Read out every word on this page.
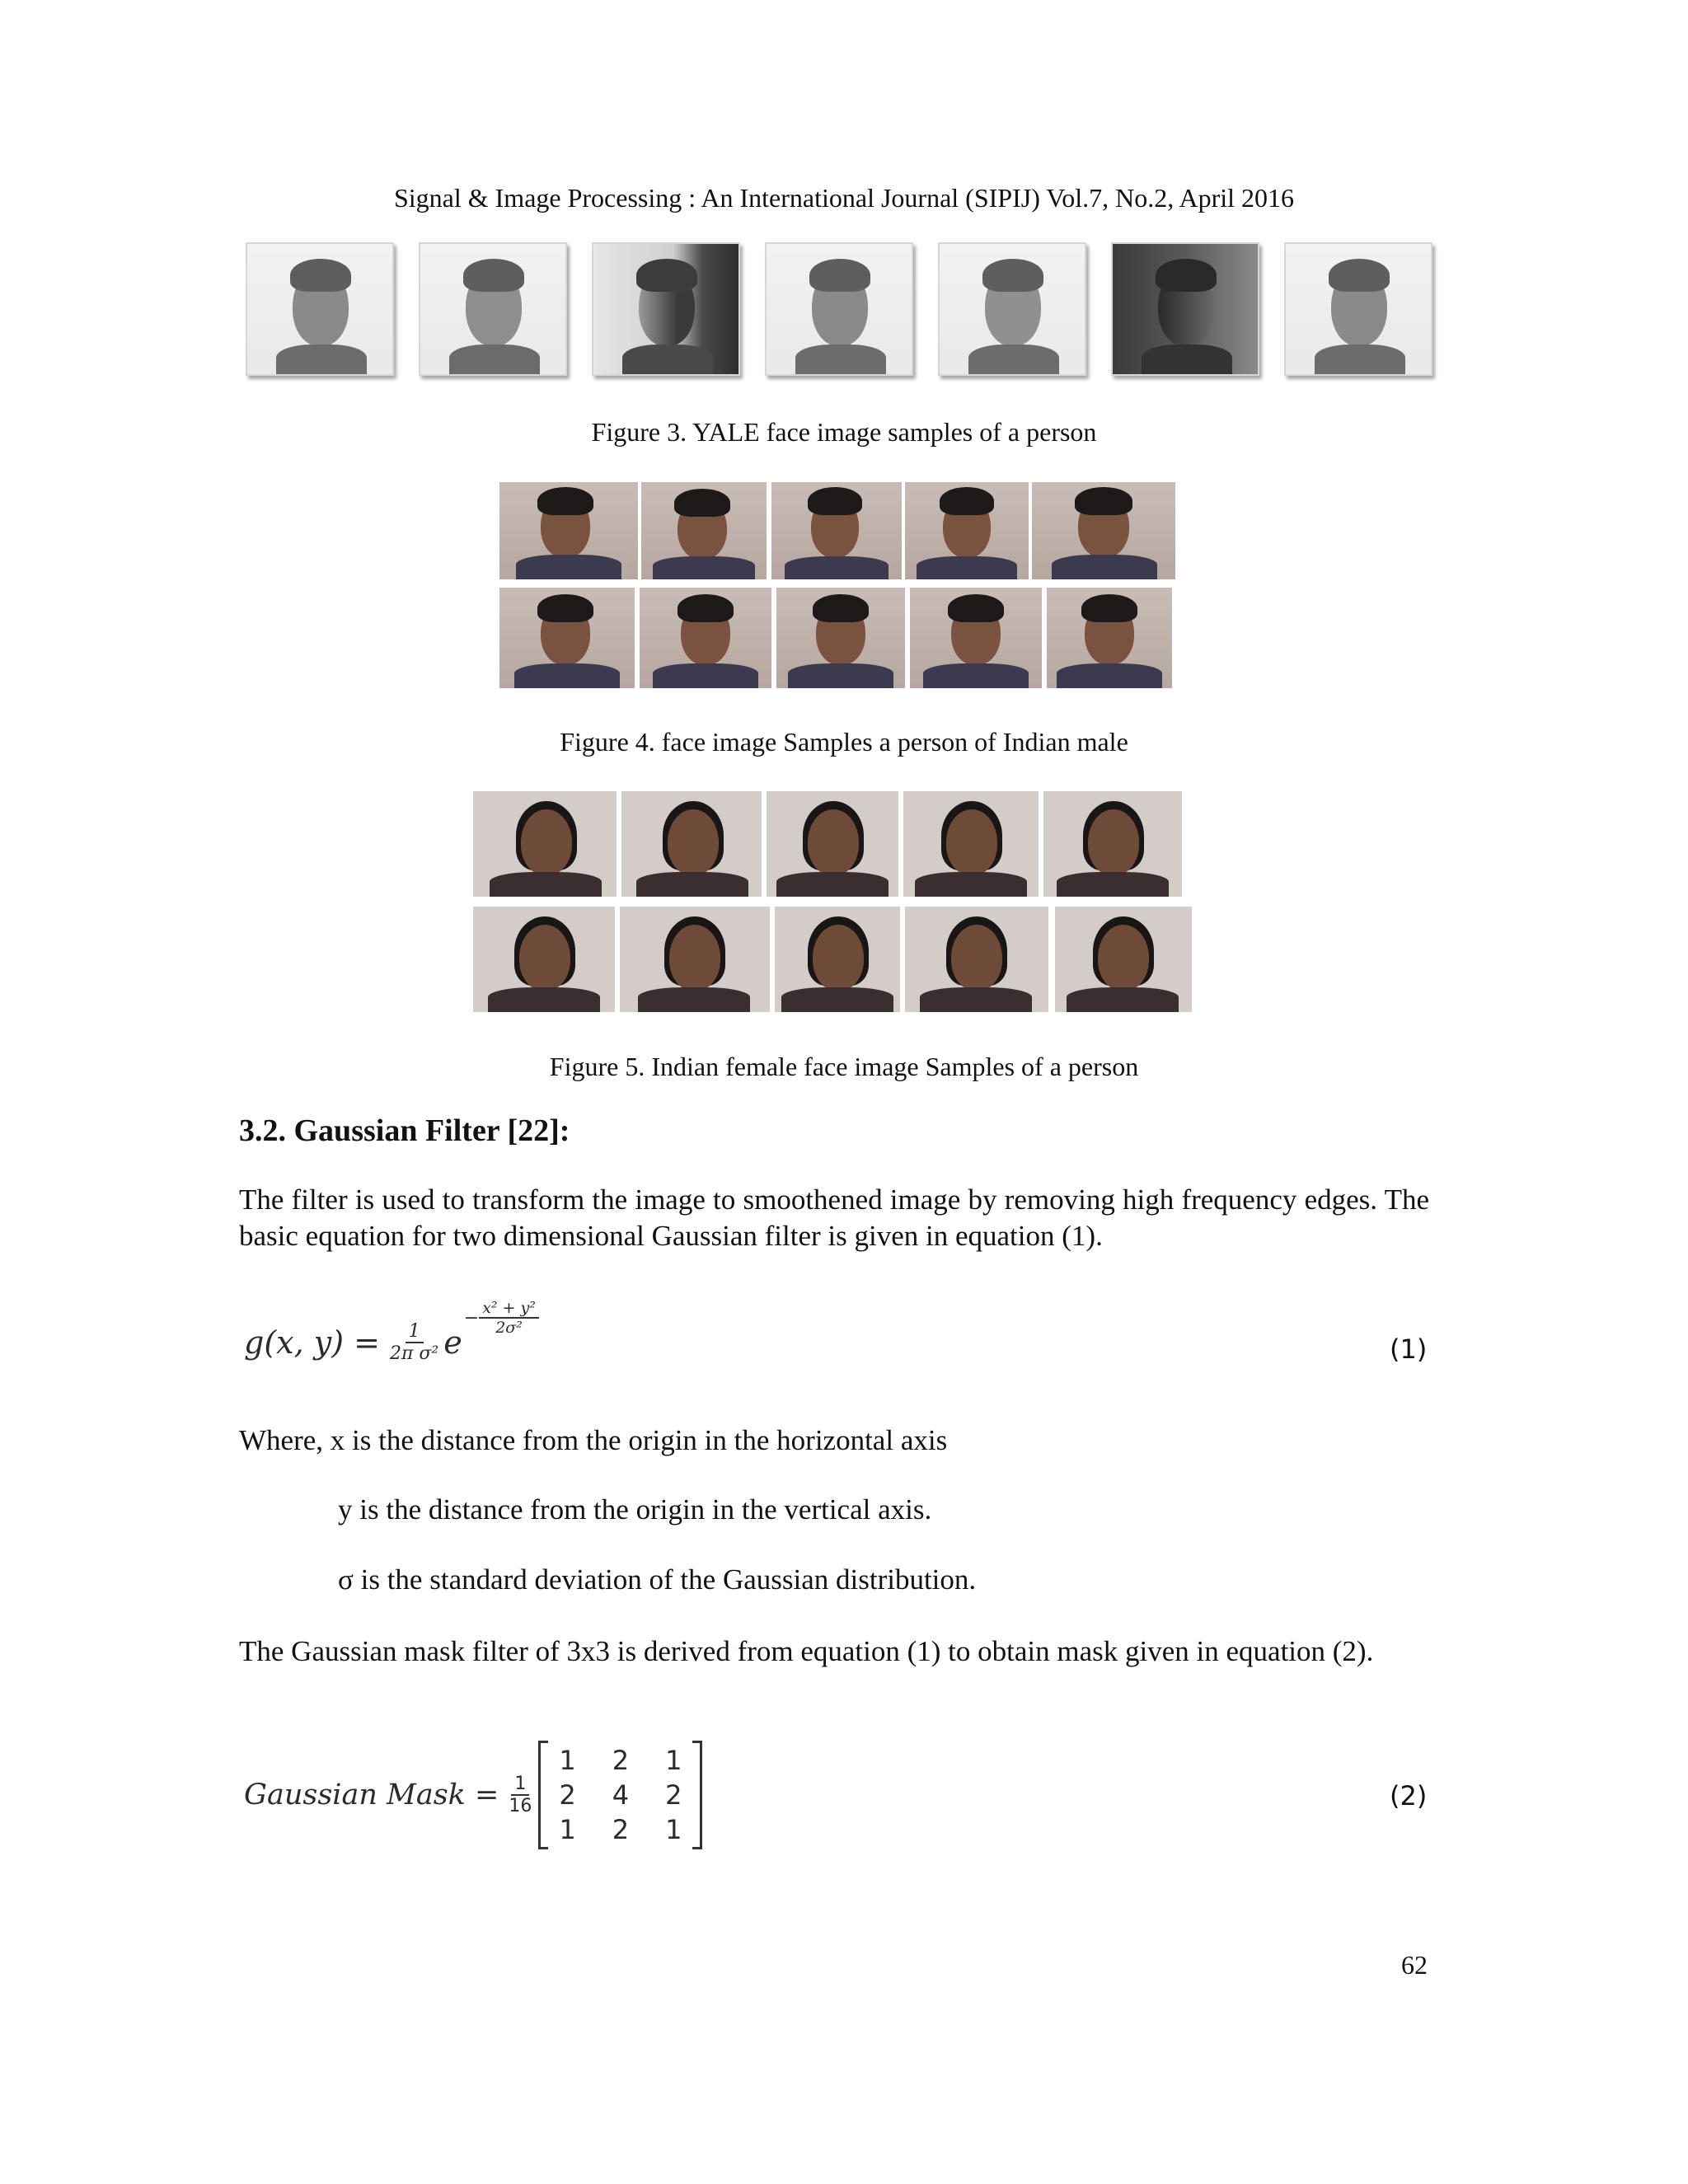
Signal & Image Processing : An International Journal (SIPIJ) Vol.7, No.2, April 2016
Figure 3. YALE face image samples of a person
Figure 4. face image Samples a person of Indian male
Figure 5. Indian female face image Samples of a person
3.2. Gaussian Filter [22]:
The filter is used to transform the image to smoothened image by removing high frequency edges. The basic equation for two dimensional Gaussian filter is given in equation (1).
g(x, $y) = \frac{1}{\text{2π σ²}}$ e
− $\frac{\text{x² + y²}}{\text{2σ²}}$
(1)
Where, x is the distance from the origin in the horizontal axis
y is the distance from the origin in the vertical axis.
σ is the standard deviation of the Gaussian distribution.
The Gaussian mask filter of 3x3 is derived from equation (1) to obtain mask given in equation (2).
Gaussian Mask = $\frac{1}{16}$
1	2	1
2	4	2
1	2	1
(2)
62
